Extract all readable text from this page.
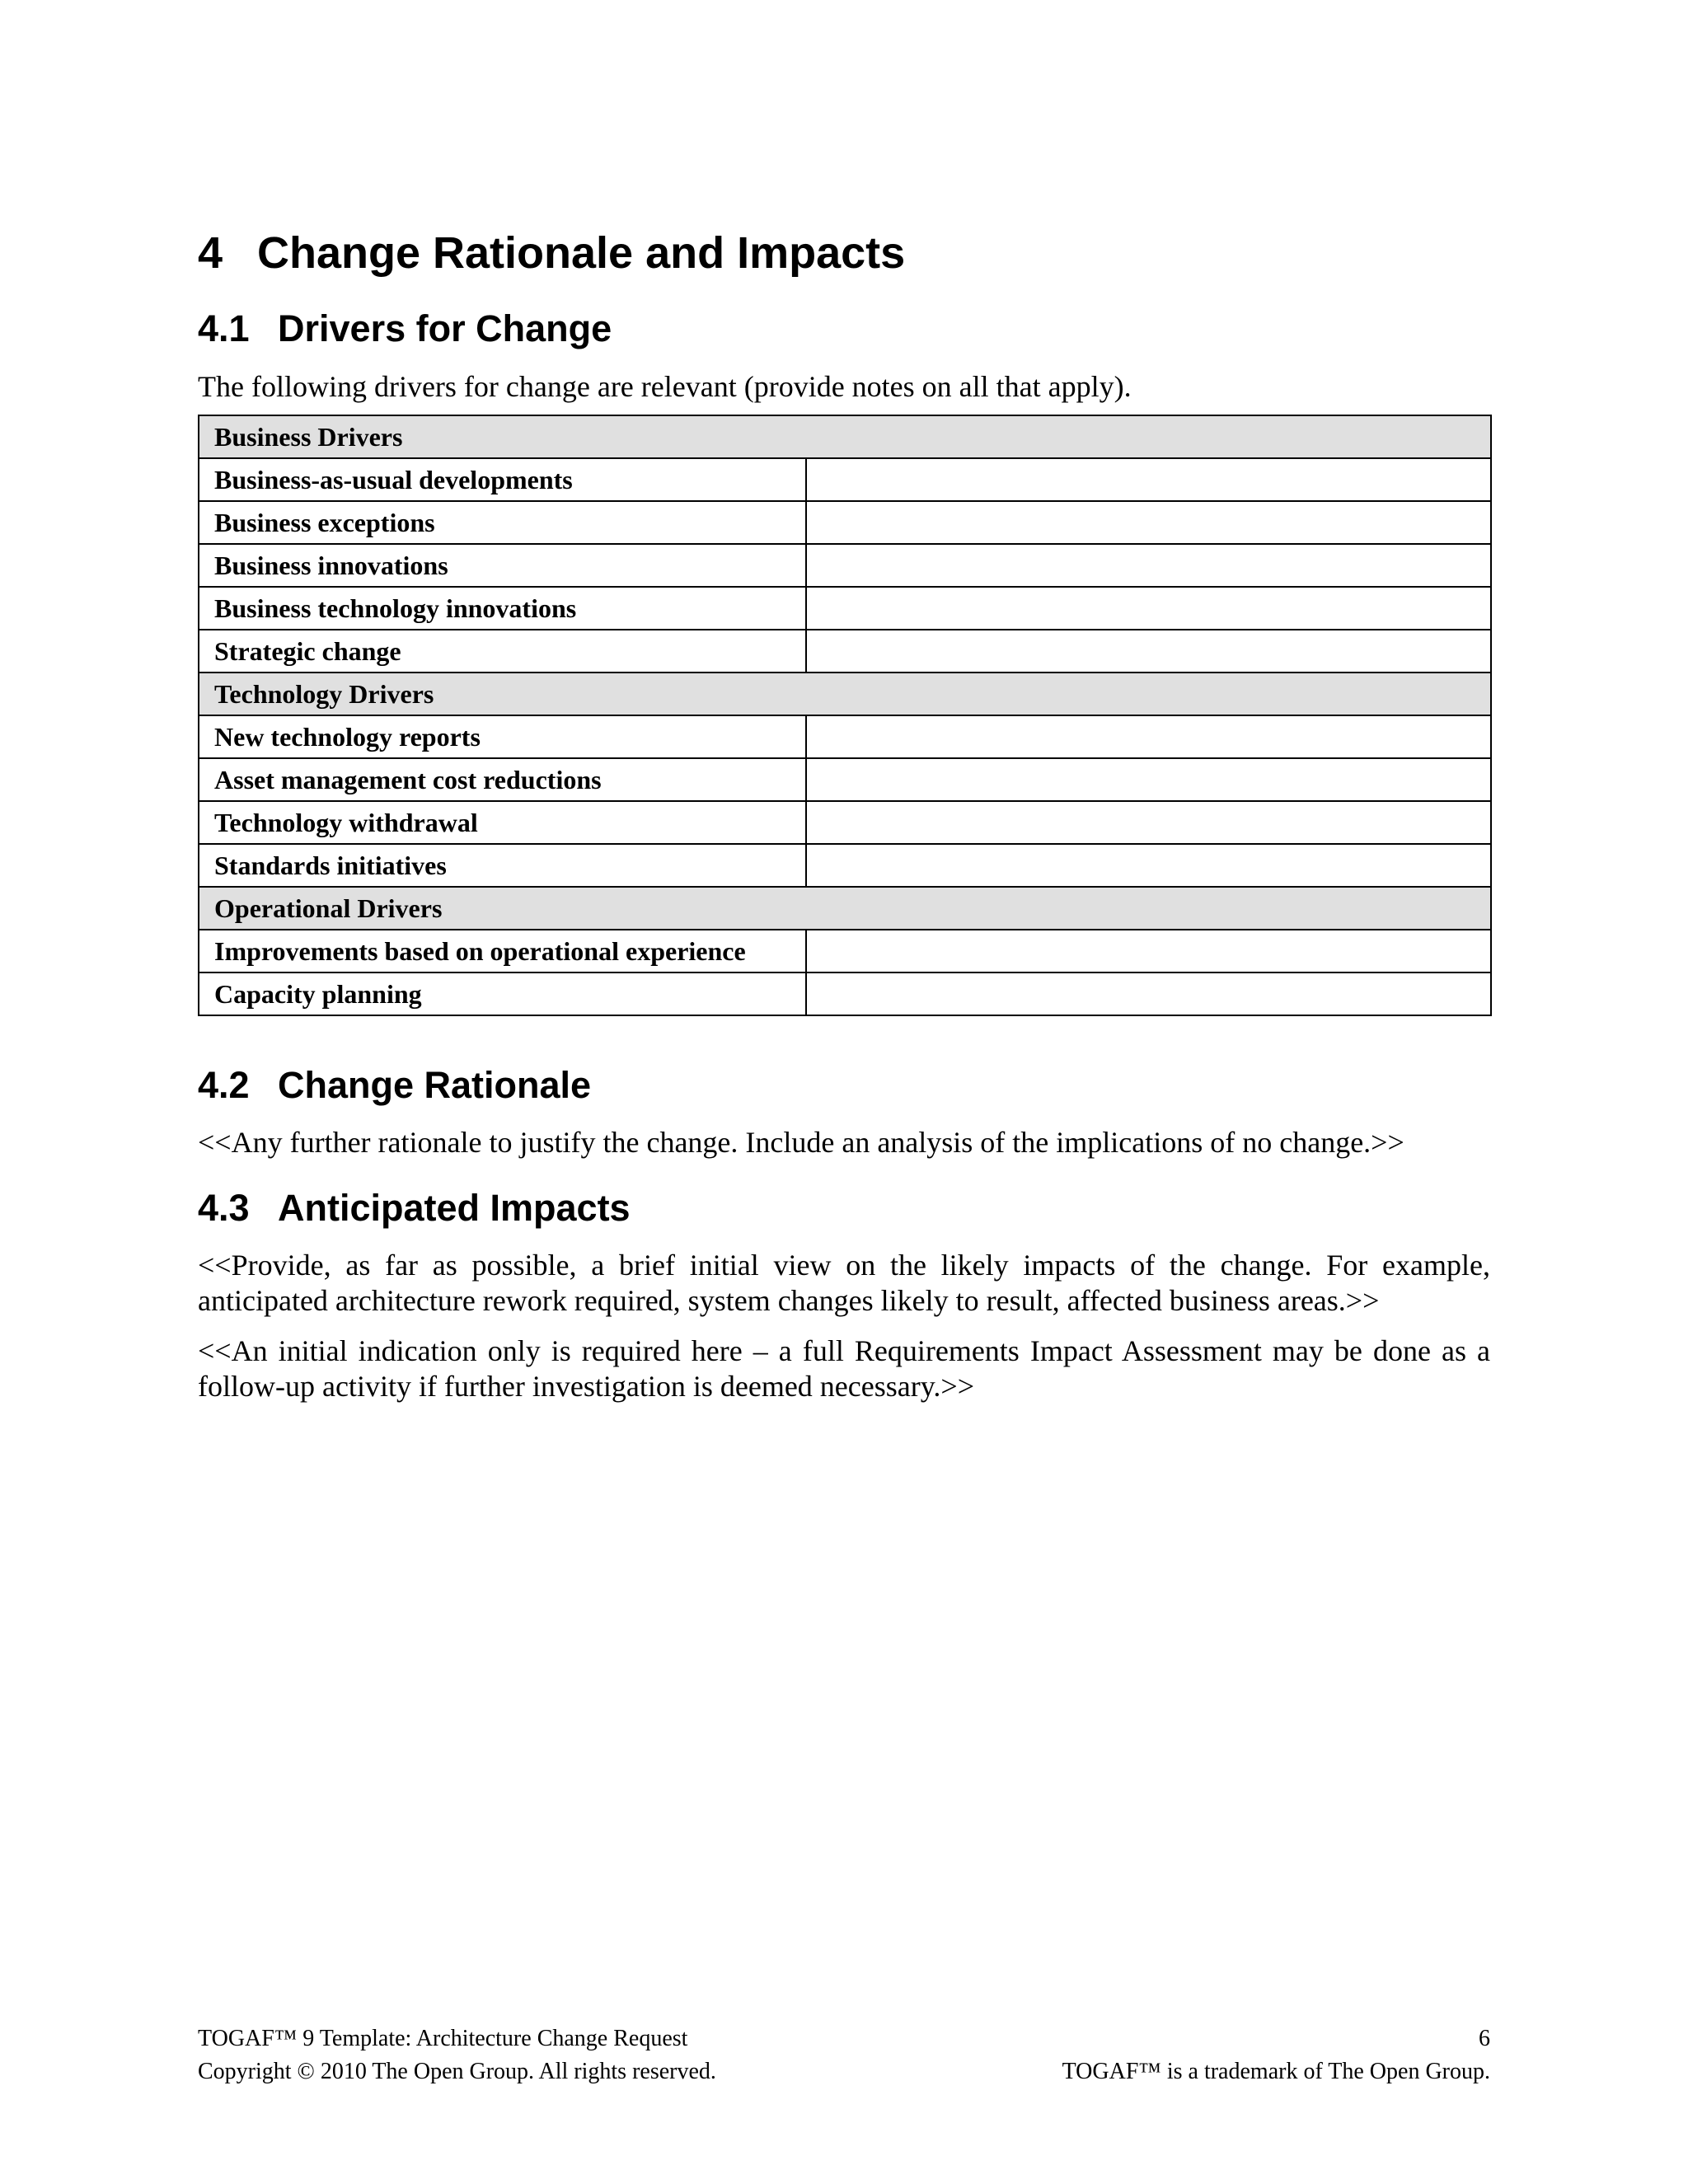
4 Change Rationale and Impacts
4.1 Drivers for Change

The following drivers for change are relevant (provide notes on all that apply).

Business Drivers	
Business-as-usual developments	
Business exceptions	
Business innovations	
Business technology innovations	
Strategic change	
Technology Drivers	
New technology reports	
Asset management cost reductions	
Technology withdrawal	
Standards initiatives	
Operational Drivers	
Improvements based on operational experience	
Capacity planning	
4.2 Change Rationale

<<Any further rationale to justify the change. Include an analysis of the implications of no change.>>

4.3 Anticipated Impacts

<<Provide, as far as possible, a brief initial view on the likely impacts of the change. For example, anticipated architecture rework required, system changes likely to result, affected business areas.>>

<<An initial indication only is required here – a full Requirements Impact Assessment may be done as a follow-up activity if further investigation is deemed necessary.>>

TOGAF™ 9 Template: Architecture Change Request	6
Copyright © 2010 The Open Group. All rights reserved.	TOGAF™ is a trademark of The Open Group.
